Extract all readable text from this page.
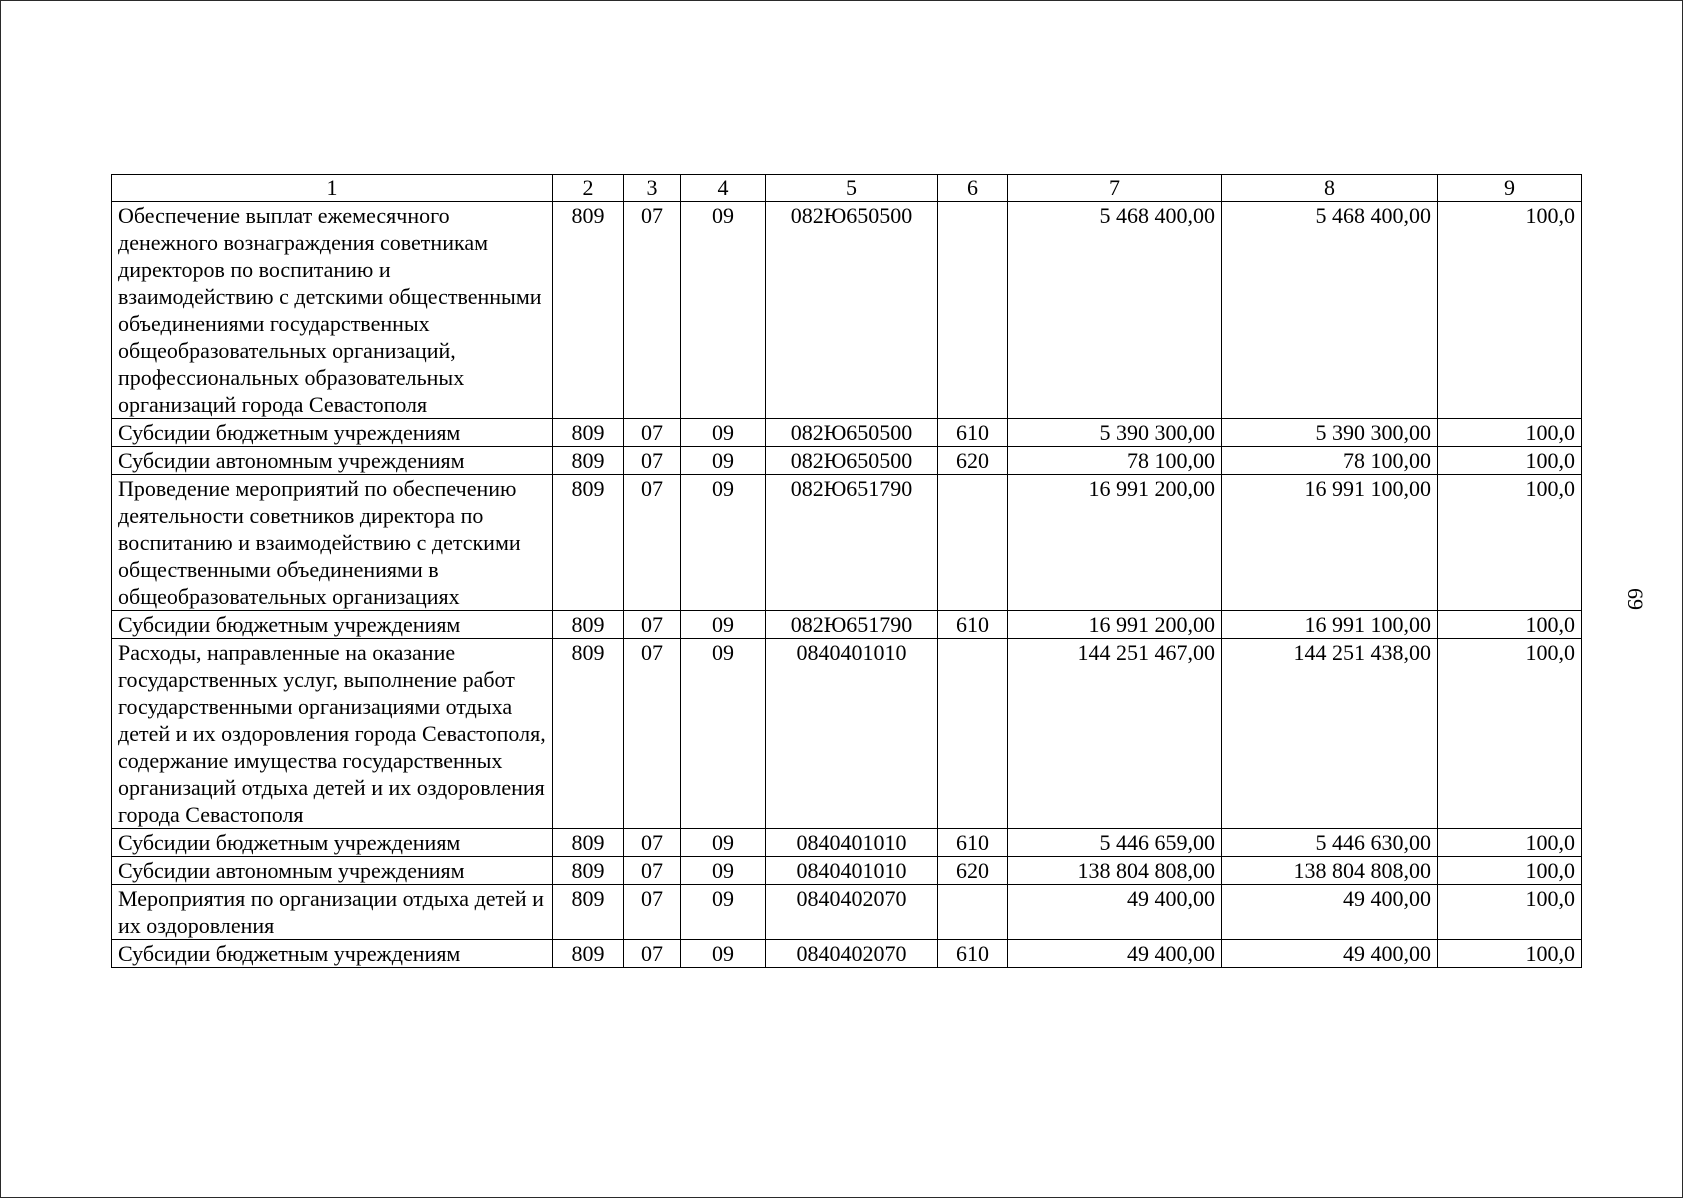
1	2	3	4	5	6	7	8	9
Обеспечение выплат ежемесячного денежного вознаграждения советникам директоров по воспитанию и взаимодействию с детскими общественными объединениями государственных общеобразовательных организаций, профессиональных образовательных организаций города Севастополя	809	07	09	082Ю650500		5 468 400,00	5 468 400,00	100,0
Субсидии бюджетным учреждениям	809	07	09	082Ю650500	610	5 390 300,00	5 390 300,00	100,0
Субсидии автономным учреждениям	809	07	09	082Ю650500	620	78 100,00	78 100,00	100,0
Проведение мероприятий по обеспечению деятельности советников директора по воспитанию и взаимодействию с детскими общественными объединениями в общеобразовательных организациях	809	07	09	082Ю651790		16 991 200,00	16 991 100,00	100,0
Субсидии бюджетным учреждениям	809	07	09	082Ю651790	610	16 991 200,00	16 991 100,00	100,0
Расходы, направленные на оказание государственных услуг, выполнение работ государственными организациями отдыха детей и их оздоровления города Севастополя, содержание имущества государственных организаций отдыха детей и их оздоровления города Севастополя	809	07	09	0840401010		144 251 467,00	144 251 438,00	100,0
Субсидии бюджетным учреждениям	809	07	09	0840401010	610	5 446 659,00	5 446 630,00	100,0
Субсидии автономным учреждениям	809	07	09	0840401010	620	138 804 808,00	138 804 808,00	100,0
Мероприятия по организации отдыха детей и их оздоровления	809	07	09	0840402070		49 400,00	49 400,00	100,0
Субсидии бюджетным учреждениям	809	07	09	0840402070	610	49 400,00	49 400,00	100,0
69
